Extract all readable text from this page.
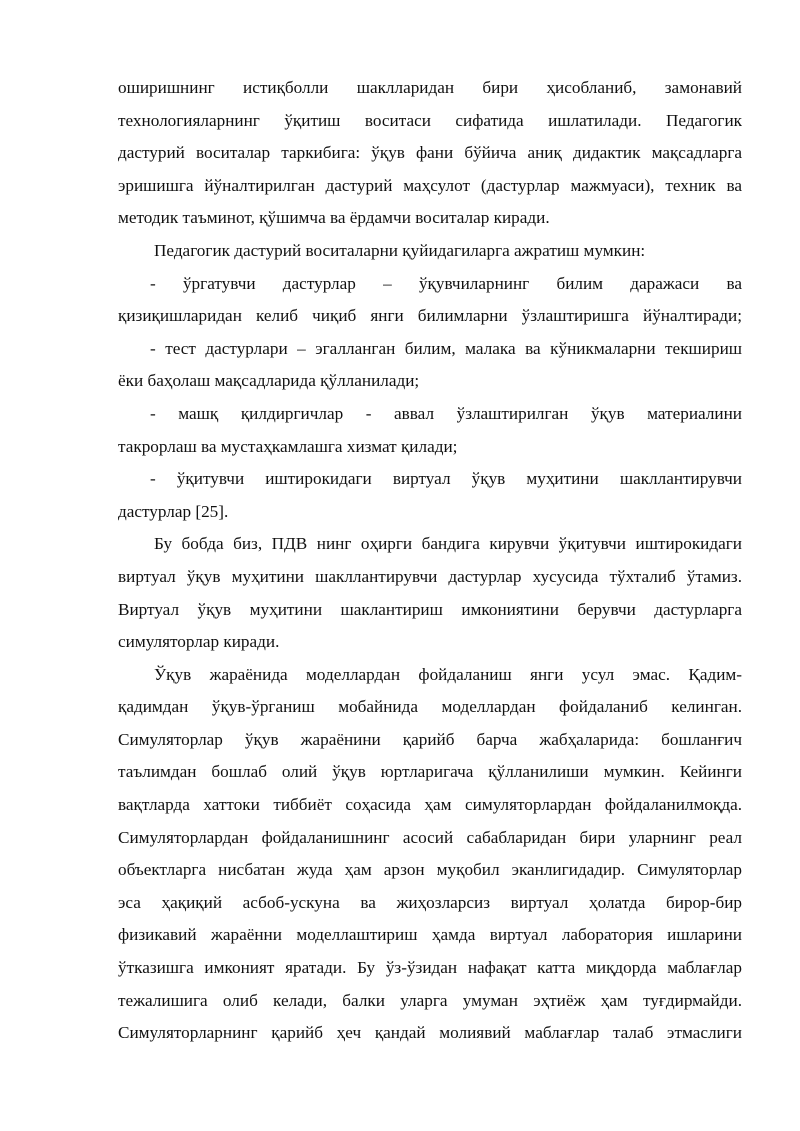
оширишнинг истиқболли шаклларидан бири ҳисобланиб, замонавий
технологияларнинг ўқитиш воситаси сифатида ишлатилади. Педагогик
дастурий воситалар таркибига: ўқув фани бўйича аниқ дидактик мақсадларга
эришишга йўналтирилган дастурий маҳсулот (дастурлар мажмуаси), техник ва
методик таъминот, қўшимча ва ёрдамчи воситалар киради.
Педагогик дастурий воситаларни қуйидагиларга ажратиш мумкин:
- ўргатувчи дастурлар – ўқувчиларнинг билим даражаси ва
қизиқишларидан келиб чиқиб янги билимларни ўзлаштиришга йўналтиради;
- тест дастурлари – эгалланган билим, малака ва кўникмаларни текшириш
ёки баҳолаш мақсадларида қўлланилади;
- машқ қилдиргичлар - аввал ўзлаштирилган ўқув материалини
такрорлаш ва мустаҳкамлашга хизмат қилади;
- ўқитувчи иштирокидаги виртуал ўқув муҳитини шакллантирувчи
дастурлар [25].
Бу бобда биз, ПДВ нинг оҳирги бандига кирувчи ўқитувчи иштирокидаги
виртуал ўқув муҳитини шакллантирувчи дастурлар хусусида тўхталиб ўтамиз.
Виртуал ўқув муҳитини шаклантириш имкониятини берувчи дастурларга
симуляторлар киради.
Ўқув жараёнида моделлардан фойдаланиш янги усул эмас. Қадим-
қадимдан ўқув-ўрганиш мобайнида моделлардан фойдаланиб келинган.
Симуляторлар ўқув жараёнини қарийб барча жабҳаларида: бошланғич
таълимдан бошлаб олий ўқув юртларигача қўлланилиши мумкин. Кейинги
вақтларда хаттоки тиббиёт соҳасида ҳам симуляторлардан фойдаланилмоқда.
Симуляторлардан фойдаланишнинг асосий сабабларидан бири уларнинг реал
объектларга нисбатан жуда ҳам арзон муқобил эканлигидадир. Симуляторлар
эса ҳақиқий асбоб-ускуна ва жиҳозларсиз виртуал ҳолатда бирор-бир
физикавий жараённи моделлаштириш ҳамда виртуал лаборатория ишларини
ўтказишга имконият яратади. Бу ўз-ўзидан нафақат катта миқдорда маблағлар
тежалишига олиб келади, балки уларга умуман эҳтиёж ҳам туғдирмайди.
Симуляторларнинг қарийб ҳеч қандай молиявий маблағлар талаб этмаслиги
